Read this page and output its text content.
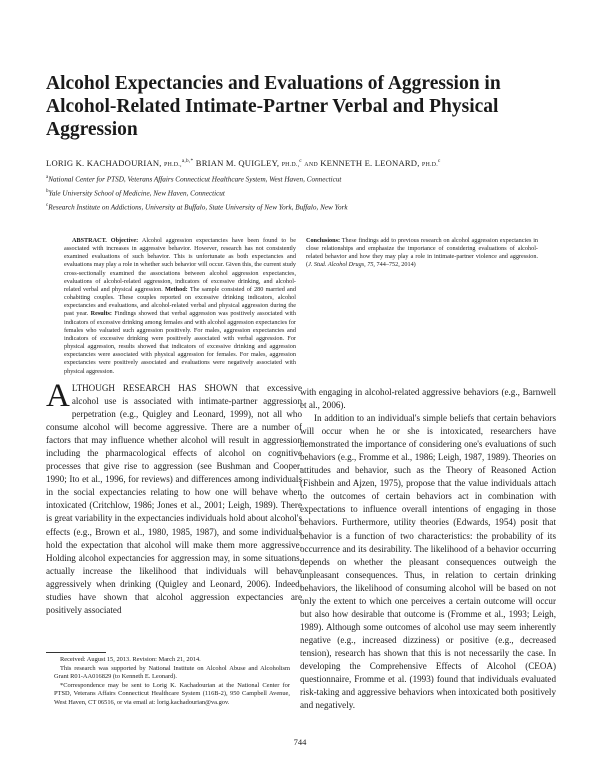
Alcohol Expectancies and Evaluations of Aggression in Alcohol-Related Intimate-Partner Verbal and Physical Aggression
LORIG K. KACHADOURIAN, PH.D.,$^{a,b,*}$ BRIAN M. QUIGLEY, PH.D.,$^c$ AND KENNETH E. LEONARD, PH.D.$^c$
$^a$National Center for PTSD, Veterans Affairs Connecticut Healthcare System, West Haven, Connecticut
$^b$Yale University School of Medicine, New Haven, Connecticut
$^c$Research Institute on Addictions, University at Buffalo, State University of New York, Buffalo, New York

ABSTRACT. Objective: Alcohol aggression expectancies have been found to be associated with increases in aggressive behavior. However, research has not consistently examined evaluations of such behavior. This is unfortunate as both expectancies and evaluations may play a role in whether such behavior will occur. Given this, the current study cross-sectionally examined the associations between alcohol aggression expectancies, evaluations of alcohol-related aggression, indicators of excessive drinking, and alcohol-related verbal and physical aggression. Method: The sample consisted of 280 married and cohabiting couples. These couples reported on excessive drinking indicators, alcohol expectancies and evaluations, and alcohol-related verbal and physical aggression during the past year. Results: Findings showed that verbal aggression was positively associated with indicators of excessive drinking among females and with alcohol aggression expectancies for females who valuated such aggression positively. For males, aggression expectancies and indicators of excessive drinking were positively associated with verbal aggression. For physical aggression, results showed that indicators of excessive drinking and aggression expectancies were associated with physical aggression for females. For males, aggression expectancies were positively associated and evaluations were negatively associated with physical aggression.

Conclusions: These findings add to previous research on alcohol aggression expectancies in close relationships and emphasize the importance of considering evaluations of alcohol-related behavior and how they may play a role in intimate-partner violence and aggression. (J. Stud. Alcohol Drugs, 75, 744–752, 2014)

ALTHOUGH RESEARCH HAS SHOWN that excessive alcohol use is associated with intimate-partner aggression perpetration (e.g., Quigley and Leonard, 1999), not all who consume alcohol will become aggressive. There are a number of factors that may influence whether alcohol will result in aggression including the pharmacological effects of alcohol on cognitive processes that give rise to aggression (see Bushman and Cooper, 1990; Ito et al., 1996, for reviews) and differences among individuals in the social expectancies relating to how one will behave when intoxicated (Critchlow, 1986; Jones et al., 2001; Leigh, 1989). There is great variability in the expectancies individuals hold about alcohol's effects (e.g., Brown et al., 1980, 1985, 1987), and some individuals hold the expectation that alcohol will make them more aggressive. Holding alcohol expectancies for aggression may, in some situations, actually increase the likelihood that individuals will behave aggressively when drinking (Quigley and Leonard, 2006). Indeed, studies have shown that alcohol aggression expectancies are positively associated

with engaging in alcohol-related aggressive behaviors (e.g., Barnwell et al., 2006).

In addition to an individual's simple beliefs that certain behaviors will occur when he or she is intoxicated, researchers have demonstrated the importance of considering one's evaluations of such behaviors (e.g., Fromme et al., 1986; Leigh, 1987, 1989). Theories on attitudes and behavior, such as the Theory of Reasoned Action (Fishbein and Ajzen, 1975), propose that the value individuals attach to the outcomes of certain behaviors act in combination with expectations to influence overall intentions of engaging in those behaviors. Furthermore, utility theories (Edwards, 1954) posit that behavior is a function of two characteristics: the probability of its occurrence and its desirability. The likelihood of a behavior occurring depends on whether the pleasant consequences outweigh the unpleasant consequences. Thus, in relation to certain drinking behaviors, the likelihood of consuming alcohol will be based on not only the extent to which one perceives a certain outcome will occur but also how desirable that outcome is (Fromme et al., 1993; Leigh, 1989). Although some outcomes of alcohol use may seem inherently negative (e.g., increased dizziness) or positive (e.g., decreased tension), research has shown that this is not necessarily the case. In developing the Comprehensive Effects of Alcohol (CEOA) questionnaire, Fromme et al. (1993) found that individuals evaluated risk-taking and aggressive behaviors when intoxicated both positively and negatively.

Received: August 15, 2013. Revision: March 21, 2014.

This research was supported by National Institute on Alcohol Abuse and Alcoholism Grant R01-AA016829 (to Kenneth E. Leonard).

*Correspondence may be sent to Lorig K. Kachadourian at the National Center for PTSD, Veterans Affairs Connecticut Healthcare System (116B-2), 950 Campbell Avenue, West Haven, CT 06516, or via email at: lorig.kachadourian@va.gov.

744
